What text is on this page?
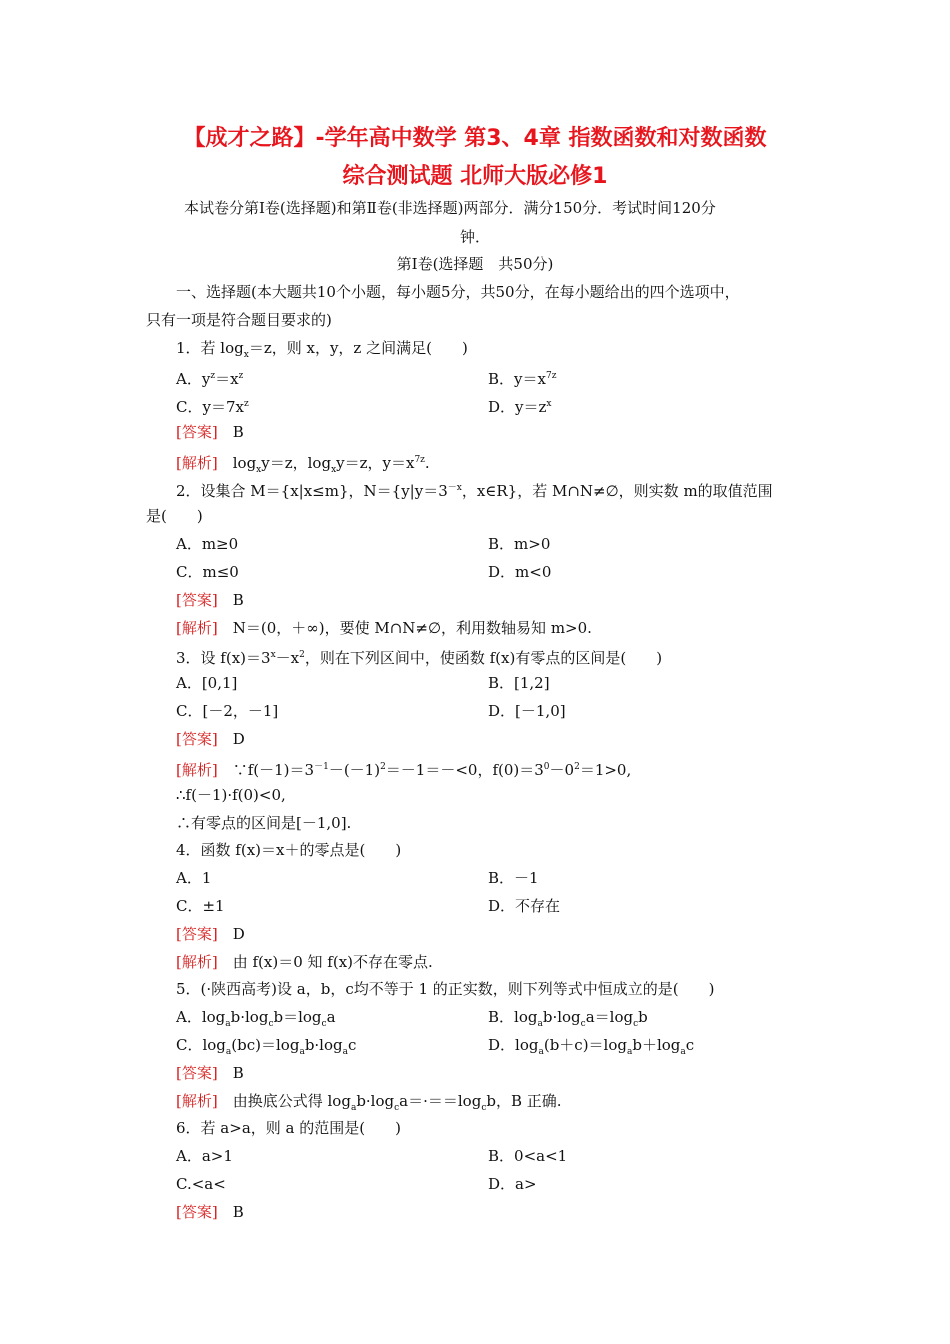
【成才之路】-学年高中数学 第3、4章 指数函数和对数函数
综合测试题 北师大版必修1
本试卷分第Ⅰ卷(选择题)和第Ⅱ卷(非选择题)两部分．满分150分．考试时间120分
钟．
第Ⅰ卷(选择题　共50分)
一、选择题(本大题共10个小题，每小题5分，共50分，在每小题给出的四个选项中，
只有一项是符合题目要求的)
1．若 $\log_x=z$，则 x，y，z 之间满足(　　)
A．$y^z=x^z$	B．$y=x^{7z}$
C．$y=7x^z$	D．$y=z^x$
[答案]　 B
[解析]　 $\log_xy=z$，$\log_xy=z$，$y=x^{7z}$.
2．设集合 M＝{x|x≤m}，$N=\{y|y=3^{-x}$，x∈R}，若 M∩N≠∅，则实数 m的取值范围
是(　　)
A．m≥0	B．m>0
C．m≤0	D．m<0
[答案]　 B
[解析]　 N＝(0，＋∞)，要使 M∩N≠∅，利用数轴易知 m>0.
3．设 $f(x)=3^x-x^2$，则在下列区间中，使函数 f(x)有零点的区间是(　　)
A．[0,1]	B．[1,2]
C．[－2，－1]	D．[－1,0]
[答案]　 D
[解析]　 $\because f(-1)=3^{-1}-(-1)^2=-1=-<0$，$f(0)=3^0-0^2=1>0$,
∴f(－1)·f(0)<0,
∴有零点的区间是[－1,0].
4．函数 f(x)＝x＋的零点是(　　)
A．1	B．－1
C．±1	D．不存在
[答案]　 D
[解析]　 由 f(x)＝0 知 f(x)不存在零点.
5．(·陕西高考)设 a，b，c均不等于 1 的正实数，则下列等式中恒成立的是(　　)
A．$\log_ab\cdot\log_cb=\log_ca$	B．$\log_ab\cdot\log_ca=\log_cb$
C．$\log_a(bc)=\log_ab\cdot\log_ac$	D．$\log_a(b+c)=\log_ab+\log_ac$
[答案]　 B
[解析]　 由换底公式得 $\log_ab\cdot\log_ca=\cdot==\log_cb$，B 正确.
6．若 a>a，则 a 的范围是(　　)
A．a>1	B．0<a<1
C.<a<	D．a>
[答案]　 B
